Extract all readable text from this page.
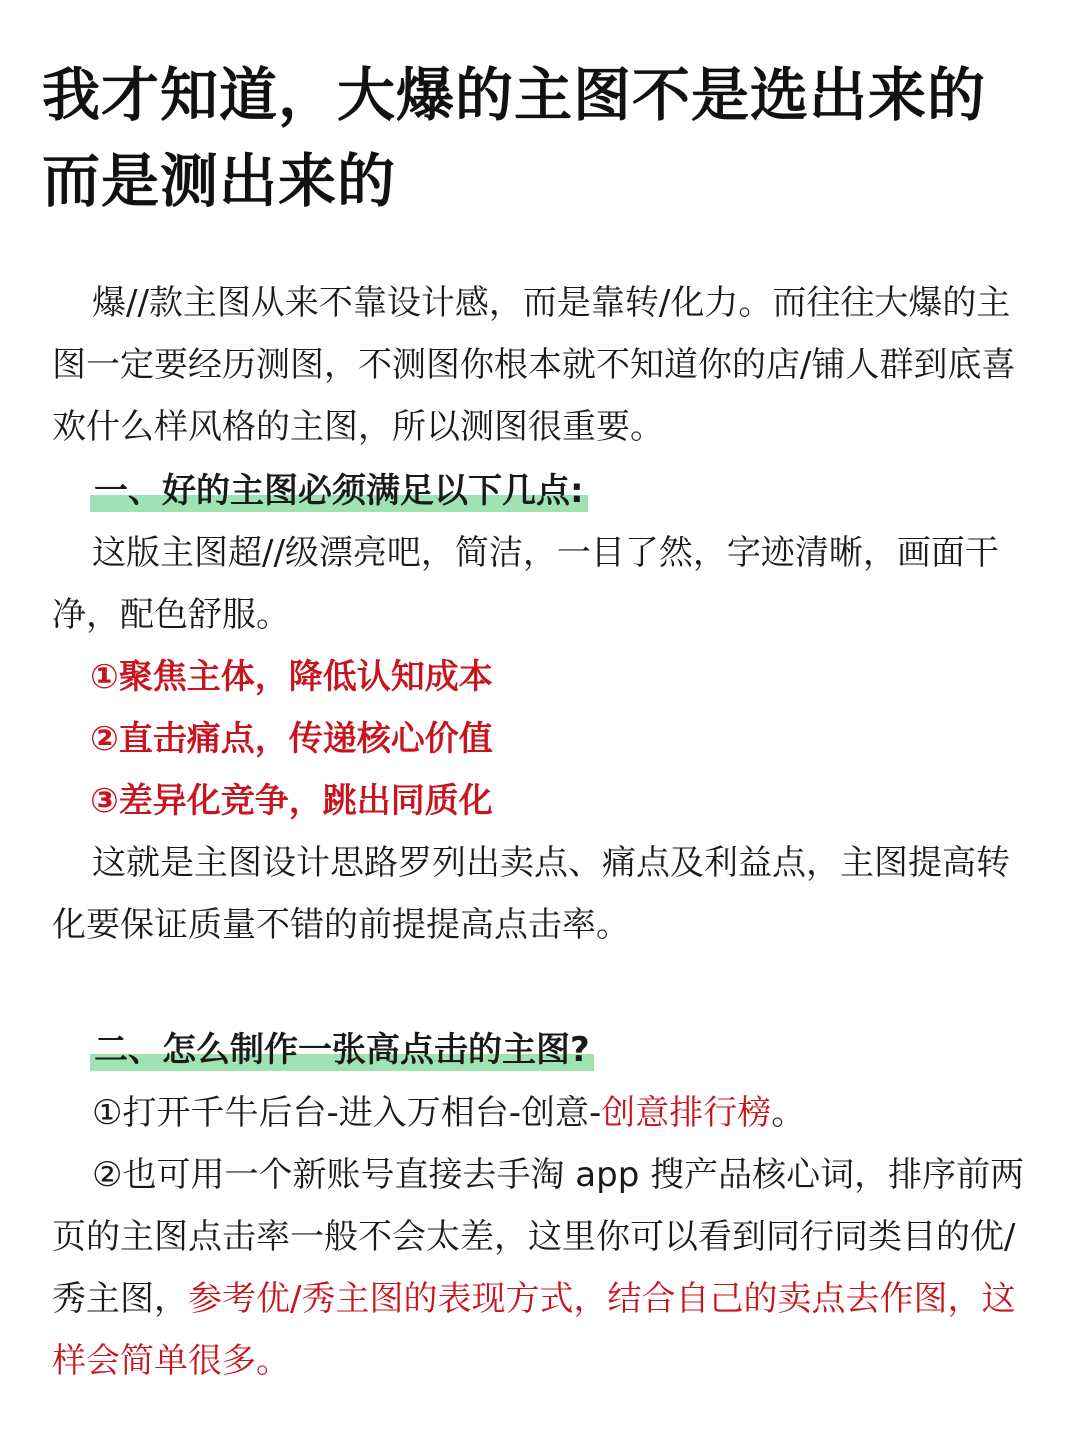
我才知道，大爆的主图不是选出来的
而是测出来的
爆//款主图从来不靠设计感，而是靠转/化力。而往往大爆的主图一定要经历测图，不测图你根本就不知道你的店/铺人群到底喜欢什么样风格的主图，所以测图很重要。
一、好的主图必须满足以下几点:
这版主图超//级漂亮吧，简洁，一目了然，字迹清晰，画面干净，配色舒服。
①聚焦主体，降低认知成本
②直击痛点，传递核心价值
③差异化竞争，跳出同质化
这就是主图设计思路罗列出卖点、痛点及利益点，主图提高转化要保证质量不错的前提提高点击率。
二、怎么制作一张高点击的主图?
①打开千牛后台-进入万相台-创意-创意排行榜。
②也可用一个新账号直接去手淘 app 搜产品核心词，排序前两页的主图点击率一般不会太差，这里你可以看到同行同类目的优/秀主图，参考优/秀主图的表现方式，结合自己的卖点去作图，这样会简单很多。
